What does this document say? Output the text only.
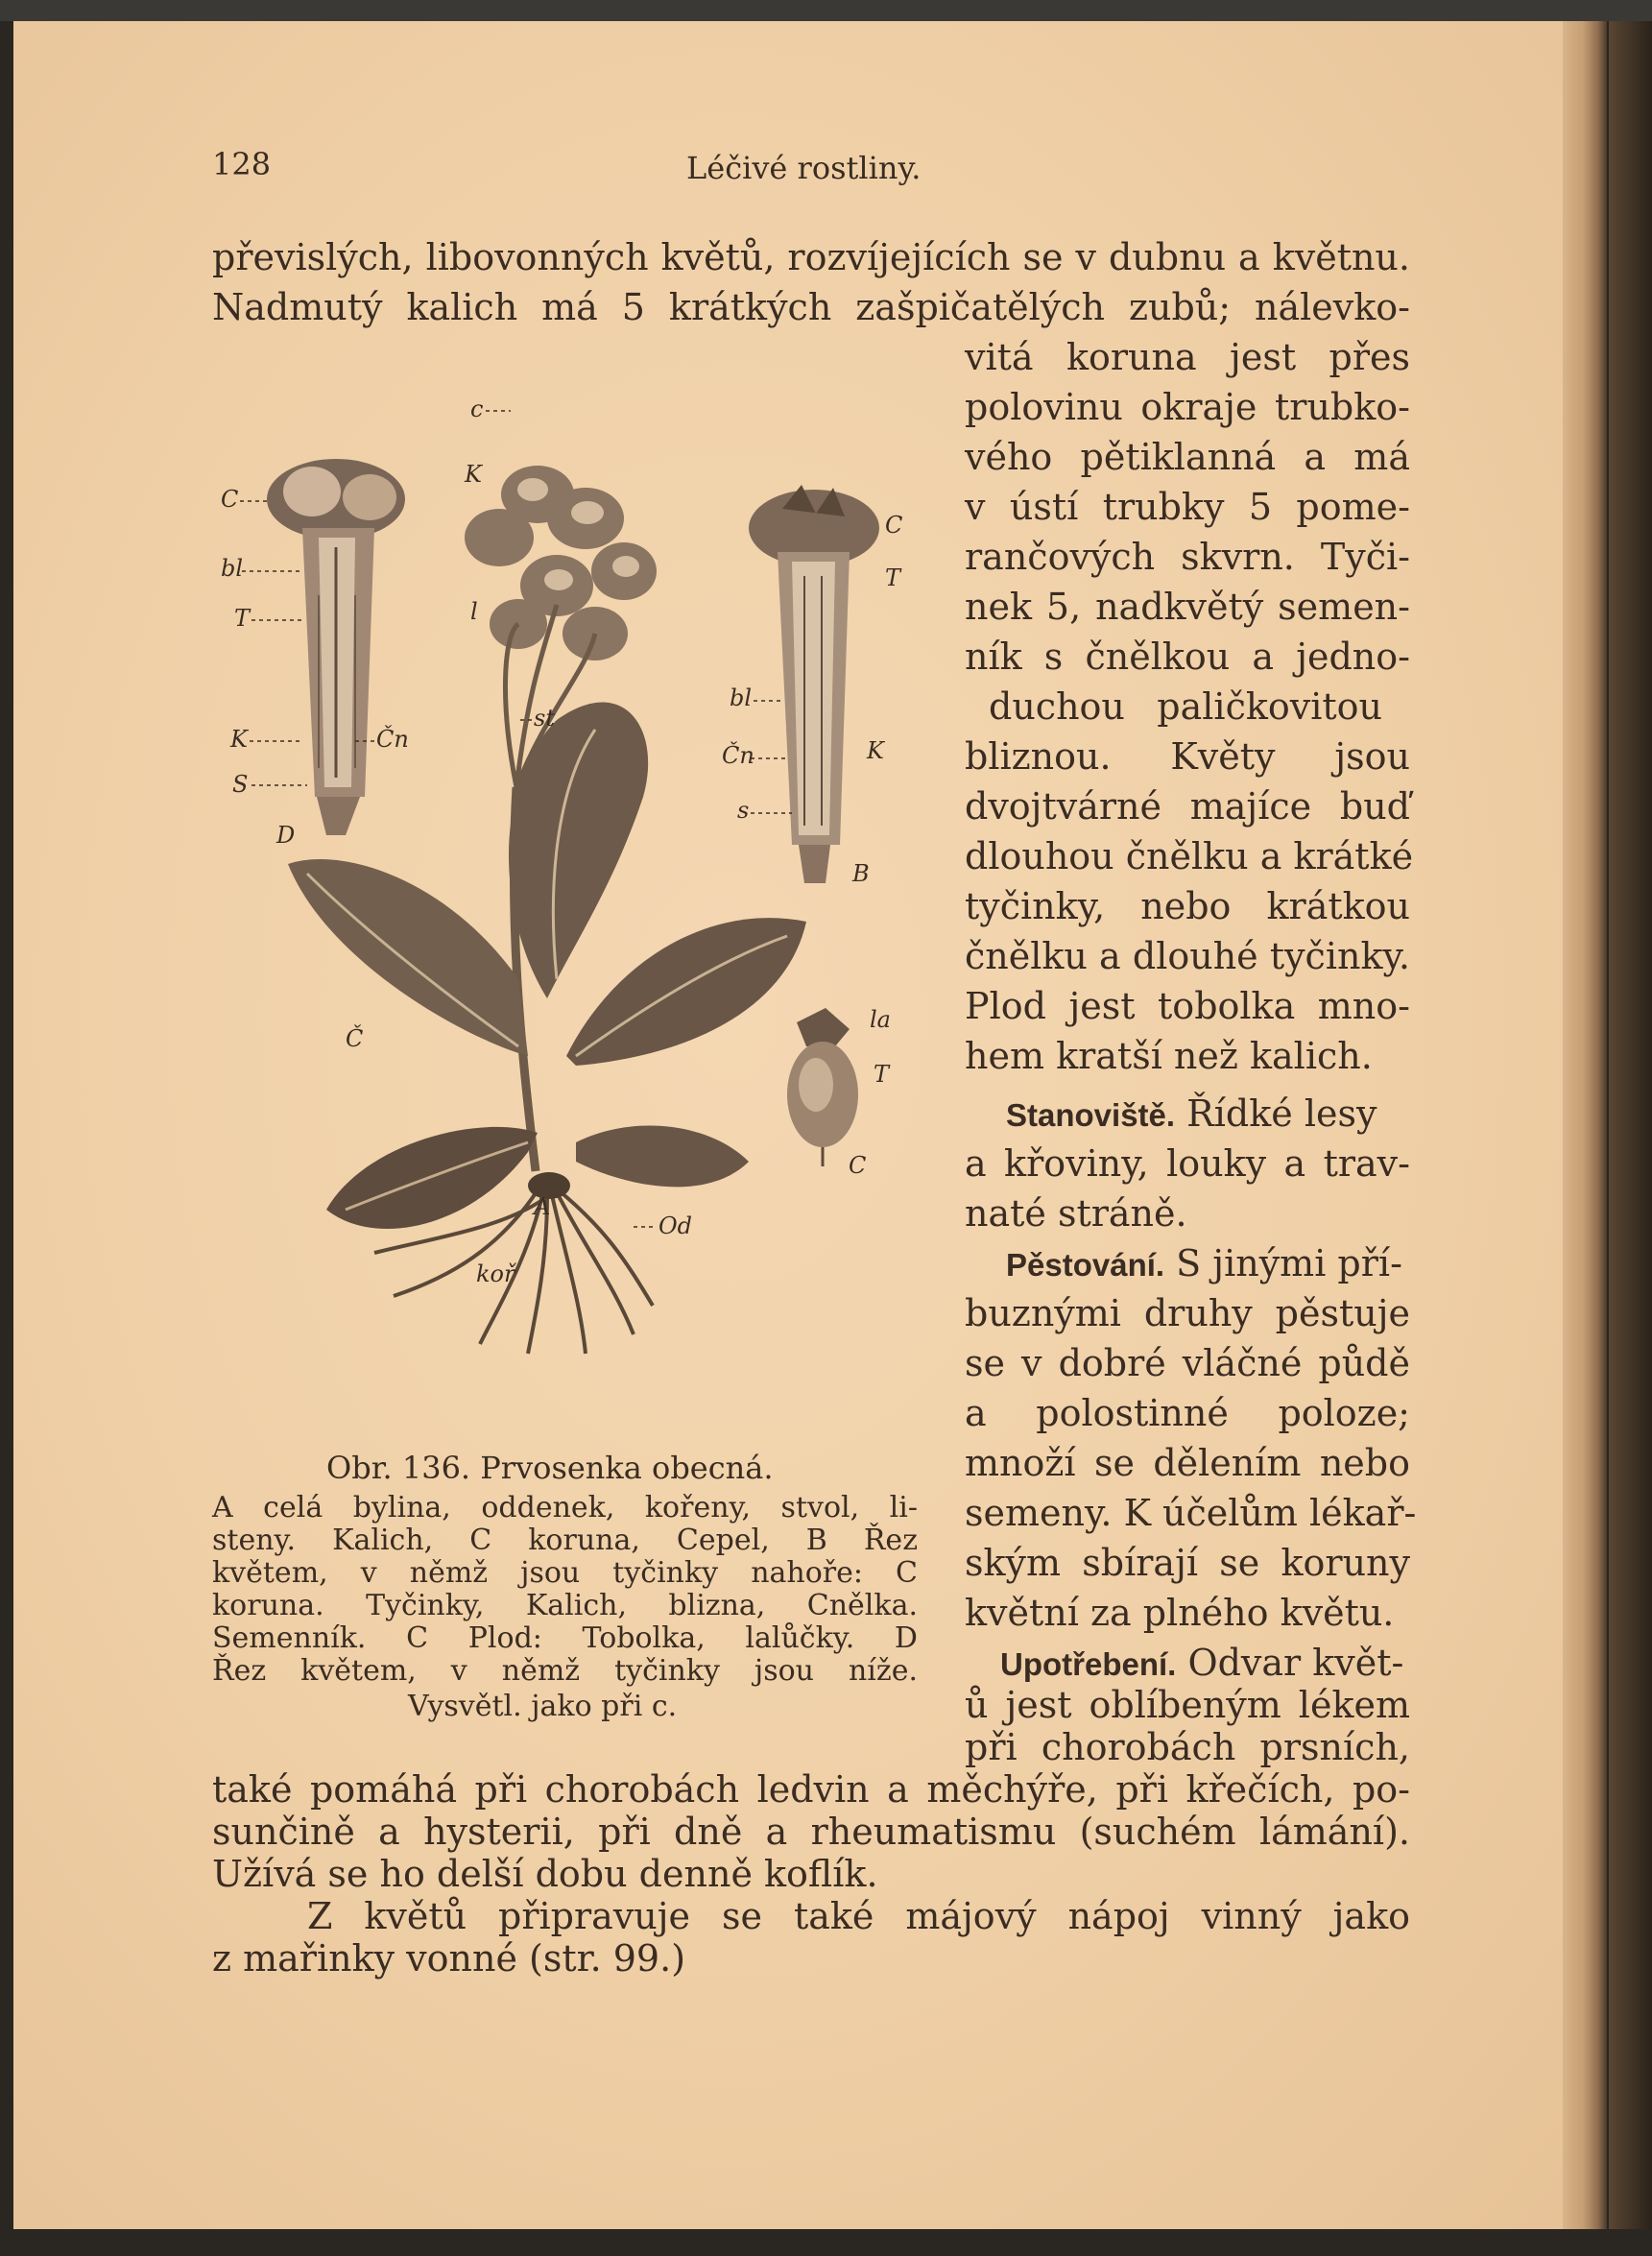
128	Léčivé rostliny.
převislých, libovonných květů, rozvíjejících se v dubnu a květnu.
Nadmutý kalich má 5 krátkých zašpičatělých zubů; nálevko-
vitá koruna jest přes
polovinu okraje trubko-
vého pětiklanná a má
v ústí trubky 5 pome-
rančových skvrn. Tyči-
nek 5, nadkvětý semen-
ník s čnělkou a jedno-
duchou paličkovitou
bliznou. Květy jsou
dvojtvárné majíce buď
dlouhou čnělku a krátké
tyčinky, nebo krátkou
čnělku a dlouhé tyčinky.
Plod jest tobolka mno-
hem kratší než kalich.
Stanoviště. Řídké lesy
a křoviny, louky a trav-
naté stráně.
Pěstování. S jinými pří-
buznými druhy pěstuje
se v dobré vláčné půdě
a polostinné poloze;
množí se dělením nebo
semeny. K účelům lékař-
ským sbírají se koruny
květní za plného květu.
Upotřebení. Odvar květ-
ů jest oblíbeným lékem
při chorobách prsních,
také pomáhá při chorobách ledvin a měchýře, při křečích, po-
sunčině a hysterii, při dně a rheumatismu (suchém lámání).
Užívá se ho delší dobu denně koflík.
Z květů připravuje se také májový nápoj vinný jako
z mařinky vonné (str. 99.)
C
bl
T
K
S
D
Čn
c
K
l
st
C
T
bl
Čn	K
s
B
Č
la
T
C
A
Od
koř
Obr. 136. Prvosenka obecná.
A celá bylina, oddenek, kořeny, stvol, li-
steny. Kalich, C koruna, Cepel, B Řez
květem, v němž jsou tyčinky nahoře: C
koruna. Tyčinky, Kalich, blizna, Cnělka.
Semenník. C Plod: Tobolka, lalůčky. D
Řez květem, v němž tyčinky jsou níže.
Vysvětl. jako při c.
